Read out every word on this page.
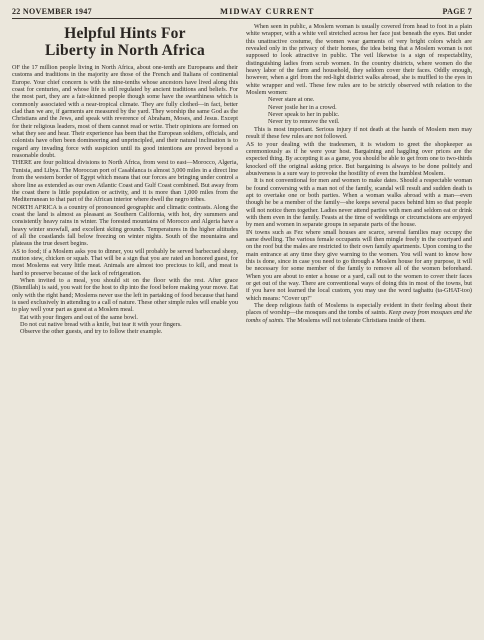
22 NOVEMBER 1947	MIDWAY CURRENT	PAGE 7
Helpful Hints For
Liberty in North Africa

OF the 17 million people living in North Africa, about one-tenth are Europeans and their customs and traditions in the majority are those of the French and Italians of continental Europe. Your chief concern is with the nine-tenths whose ancestors have lived along this coast for centuries, and whose life is still regulated by ancient traditions and beliefs. For the most part, they are a fair-skinned people though some have the swarthiness which is commonly associated with a near-tropical climate. They are fully clothed—in fact, better clad than we are, if garments are measured by the yard. They worship the same God as the Christians and the Jews, and speak with reverence of Abraham, Moses, and Jesus. Except for their religious leaders, most of them cannot read or write. Their opinions are formed on what they see and hear. Their experience has been that the European soldiers, officials, and colonists have often been domineering and unprincipled, and their natural inclination is to regard any invading force with suspicion until its good intentions are proved beyond a reasonable doubt.

THERE are four political divisions to North Africa, from west to east—Morocco, Algeria, Tunisia, and Libya. The Moroccan port of Casablanca is almost 3,000 miles in a direct line from the western border of Egypt which means that our forces are bringing under control a shore line as extended as our own Atlantic Coast and Gulf Coast combined. But away from the coast there is little population or activity, and it is more than 1,000 miles from the Mediterranean to that part of the African interior where dwell the negro tribes.

NORTH AFRICA is a country of pronounced geographic and climatic contrasts. Along the coast the land is almost as pleasant as Southern California, with hot, dry summers and consistently heavy rains in winter. The forested mountains of Morocco and Algeria have a heavy winter snowfall, and excellent skiing grounds. Temperatures in the higher altitudes of all the coastlands fall below freezing on winter nights. South of the mountains and plateaus the true desert begins.

AS to food; if a Moslem asks you to dinner, you will probably be served barbecued sheep, mutton stew, chicken or squab. That will be a sign that you are rated an honored guest, for most Moslems eat very little meat. Animals are almost too precious to kill, and meat is hard to preserve because of the lack of refrigeration.

When invited to a meal, you should sit on the floor with the rest. After grace (Bismillah) is said, you wait for the host to dip into the food before making your move. Eat only with the right hand; Moslems never use the left in partaking of food because that hand is used exclusively in attending to a call of nature. These other simple rules will enable you to play well your part as guest at a Moslem meal.

Eat with your fingers and out of the same bowl.

Do not cut native bread with a knife, but tear it with your fingers.

Observe the other guests, and try to follow their example.

When seen in public, a Moslem woman is usually covered from head to foot in a plain white wrapper, with a white veil stretched across her face just beneath the eyes. But under this unattractive costume, the women wear garments of very bright colors which are revealed only in the privacy of their homes, the idea being that a Moslem woman is not supposed to look attractive in public. The veil likewise is a sign of respectability, distinguishing ladies from scrub women. In the country districts, where women do the heavy labor of the farm and household, they seldom cover their faces. Oddly enough, however, when a girl from the red-light district walks abroad, she is muffled to the eyes in white wrapper and veil. These few rules are to be strictly observed with relation to the Moslem women:

Never stare at one.
Never jostle her in a crowd.
Never speak to her in public.
Never try to remove the veil.

This is most important. Serious injury if not death at the hands of Moslem men may result if these few rules are not followed.

AS to your dealing with the tradesmen, it is wisdom to greet the shopkeeper as ceremoniously as if he were your host. Bargaining and haggling over prices are the expected thing. By accepting it as a game, you should be able to get from one to two-thirds knocked off the original asking price. But bargaining is always to be done politely and abusiveness is a sure way to provoke the hostility of even the humblest Moslem.

It is not conventional for men and women to make dates. Should a respectable woman be found conversing with a man not of the family, scandal will result and sudden death is apt to overtake one or both parties. When a woman walks abroad with a man—even though he be a member of the family—she keeps several paces behind him so that people will not notice them together. Ladies never attend parties with men and seldom eat or drink with them even in the family. Feasts at the time of weddings or circumcisions are enjoyed by men and women in separate groups in separate parts of the house.

IN towns such as Fez where small houses are scarce, several families may occupy the same dwelling. The various female occupants will then mingle freely in the courtyard and on the roof but the males are restricted to their own family apartments. Upon coming to the main entrance at any time they give warning to the women. You will want to know how this is done, since in case you need to go through a Moslem house for any purpose, it will be necessary for some member of the family to remove all of the women beforehand. When you are about to enter a house or a yard, call out to the women to cover their faces or get out of the way. There are conventional ways of doing this in most of the towns, but if you have not learned the local custom, you may use the word taghattu (ta-GHAT-too) which means: "Cover up!"

The deep religious faith of Moslems is especially evident in their feeling about their places of worship—the mosques and the tombs of saints. Keep away from mosques and the tombs of saints. The Moslems will not tolerate Christians inside of them.
